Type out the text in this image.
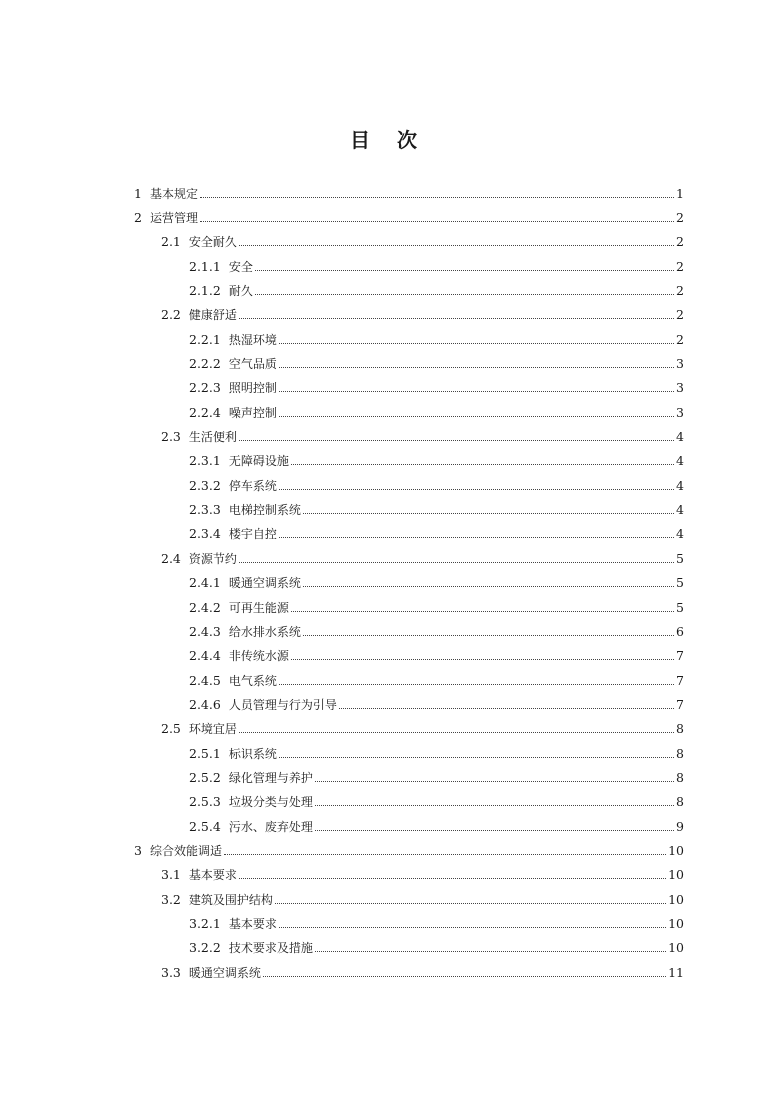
目 次
1 基本规定	1
2 运营管理	2
2.1 安全耐久	2
2.1.1 安全	2
2.1.2 耐久	2
2.2 健康舒适	2
2.2.1 热湿环境	2
2.2.2 空气品质	3
2.2.3 照明控制	3
2.2.4 噪声控制	3
2.3 生活便利	4
2.3.1 无障碍设施	4
2.3.2 停车系统	4
2.3.3 电梯控制系统	4
2.3.4 楼宇自控	4
2.4 资源节约	5
2.4.1 暖通空调系统	5
2.4.2 可再生能源	5
2.4.3 给水排水系统	6
2.4.4 非传统水源	7
2.4.5 电气系统	7
2.4.6 人员管理与行为引导	7
2.5 环境宜居	8
2.5.1 标识系统	8
2.5.2 绿化管理与养护	8
2.5.3 垃圾分类与处理	8
2.5.4 污水、废弃处理	9
3 综合效能调适	10
3.1 基本要求	10
3.2 建筑及围护结构	10
3.2.1 基本要求	10
3.2.2 技术要求及措施	10
3.3 暖通空调系统	11
